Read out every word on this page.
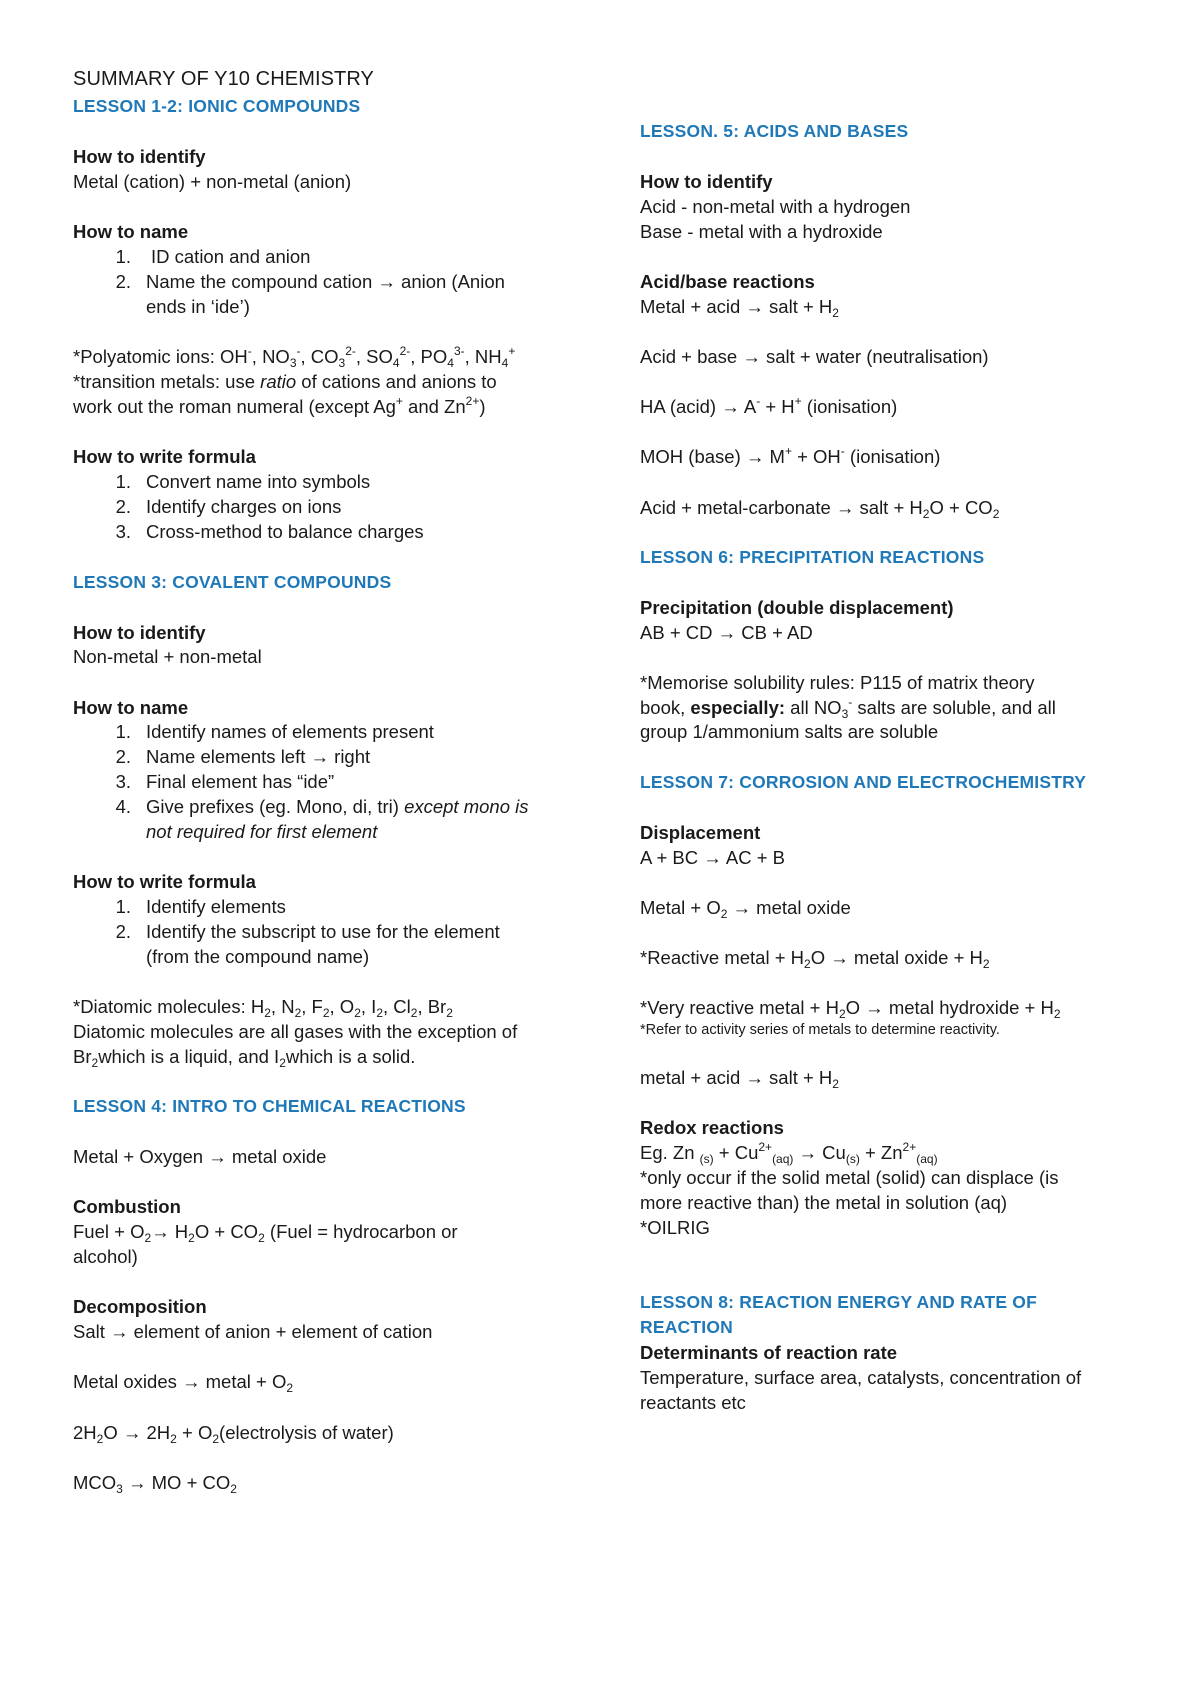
SUMMARY OF Y10 CHEMISTRY
LESSON 1-2: IONIC COMPOUNDS
How to identify
Metal (cation) + non-metal (anion)
How to name
1. ID cation and anion
2. Name the compound cation → anion (Anion
ends in ‘ide’)
*Polyatomic ions: OH-, $NO_3^-$, $CO_3^{2-}$, $SO_4^{2-}$, $PO_4^{3-}$, $NH_4^+$
*transition metals: use ratio of cations and anions to
work out the roman numeral (except Ag+ and $Zn^{2+}$)
How to write formula
1. Convert name into symbols
2. Identify charges on ions
3. Cross-method to balance charges
LESSON 3: COVALENT COMPOUNDS
How to identify
Non-metal + non-metal
How to name
1. Identify names of elements present
2. Name elements left → right
3. Final element has “ide”
4. Give prefixes (eg. Mono, di, tri) except mono is
not required for first element
How to write formula
1. Identify elements
2. Identify the subscript to use for the element
(from the compound name)
*Diatomic molecules: $H_2$, $N_2$, $F_2$, $O_2$, $I_2$, $Cl_2$, $Br_2$
Diatomic molecules are all gases with the exception of
$Br_2which$ is a liquid, and $I_2which$ is a solid.
LESSON 4: INTRO TO CHEMICAL REACTIONS
Metal + Oxygen → metal oxide
Combustion
Fuel + $O_2\to H_2O + CO_2$ (Fuel = hydrocarbon or
alcohol)
Decomposition
Salt → element of anion + element of cation
Metal oxides → metal + $O_2$
$2H_2O \to 2H_2$ + $O_2(electrolysis$ of water)
$MCO_3$ → MO + $CO_2$
LESSON. 5: ACIDS AND BASES
How to identify
Acid - non-metal with a hydrogen
Base - metal with a hydroxide
Acid/base reactions
Metal + acid → salt + $H_2$
Acid + base → salt + water (neutralisation)
HA (acid) → A- + H+ (ionisation)
MOH (base) → M+ + OH- (ionisation)
Acid + metal-carbonate → salt + $H_2O + CO_2$
LESSON 6: PRECIPITATION REACTIONS
Precipitation (double displacement)
AB + CD → CB + AD
*Memorise solubility rules: P115 of matrix theory
book, especially: all $NO_3^-$ salts are soluble, and all
group 1/ammonium salts are soluble
LESSON 7: CORROSION AND ELECTROCHEMISTRY
Displacement
A + BC → AC + B
Metal + $O_2$ → metal oxide
*Reactive metal + $H_2O$ → metal oxide + $H_2$
*Very reactive metal + $H_2O$ → metal hydroxide + $H_2$
*Refer to activity series of metals to determine reactivity.
metal + acid → salt + $H_2$
Redox reactions
Eg. Zn $_{(s)} + Cu^{2+}_{(aq)} \to Cu_{(s)} + Zn^{2+}_{(aq)}$
*only occur if the solid metal (solid) can displace (is
more reactive than) the metal in solution (aq)
*OILRIG
LESSON 8: REACTION ENERGY AND RATE OF
REACTION
Determinants of reaction rate
Temperature, surface area, catalysts, concentration of
reactants etc
